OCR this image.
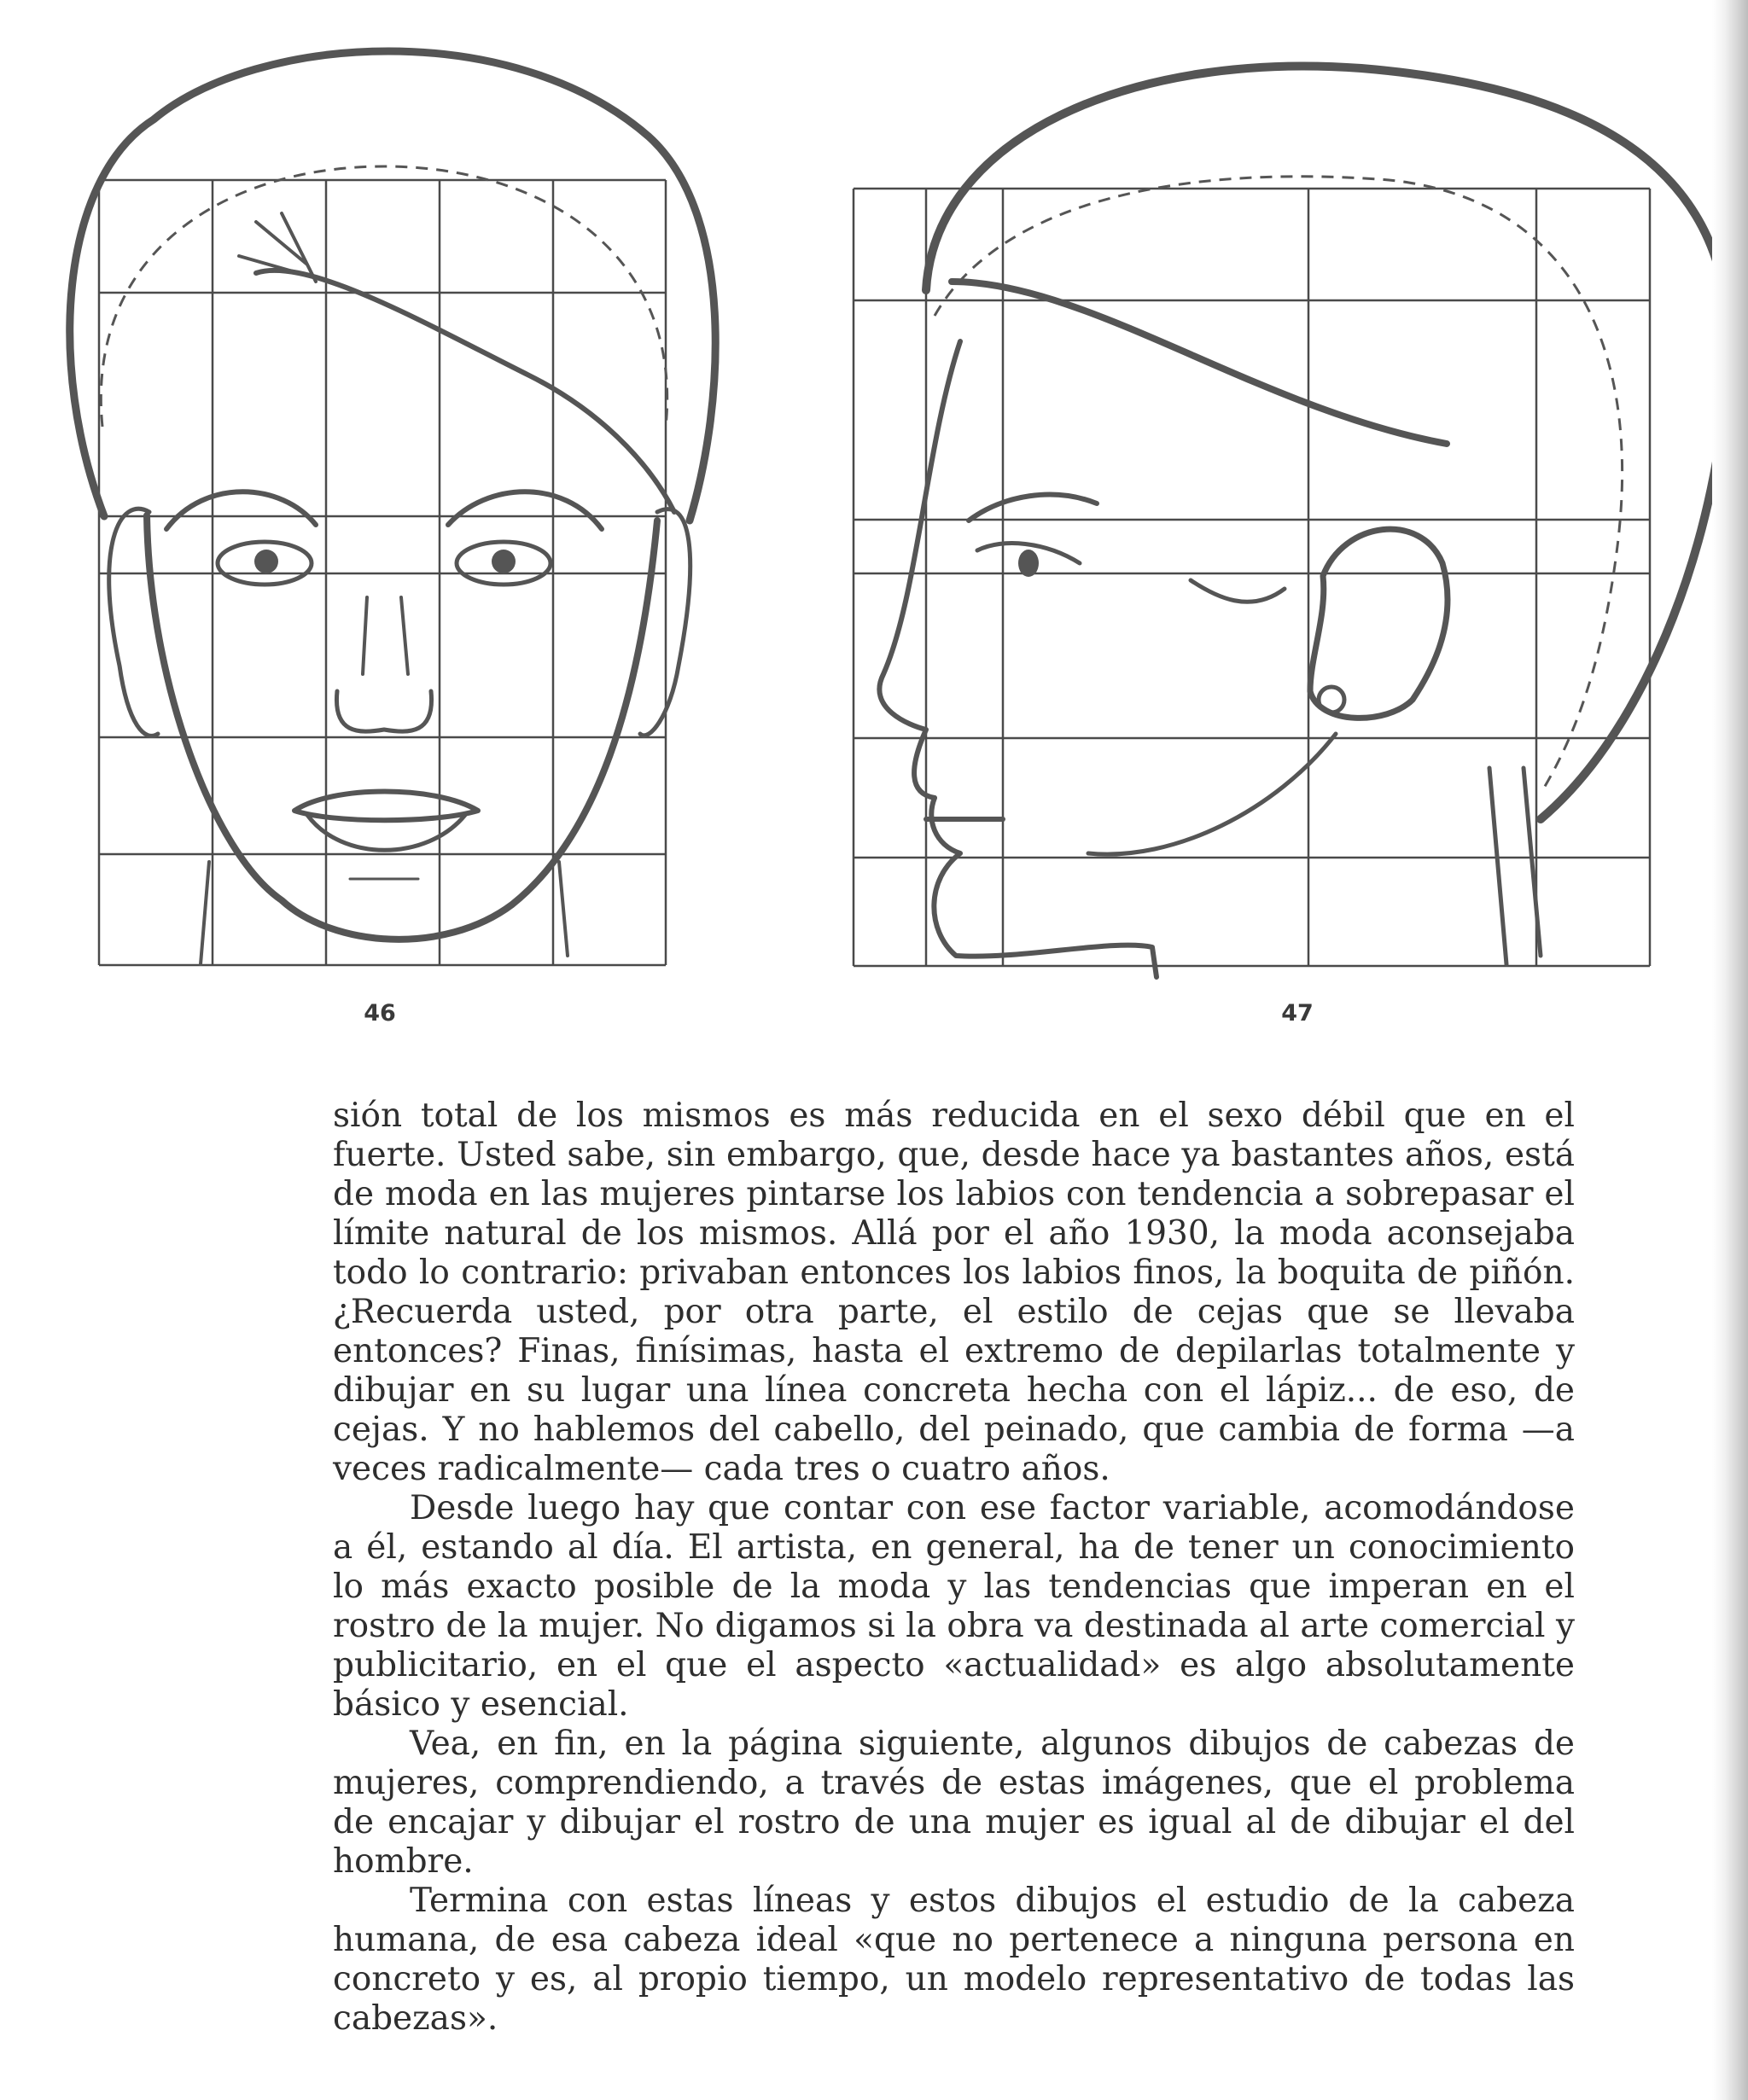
46	47

sión total de los mismos es más reducida en el sexo débil que en el fuerte. Usted sabe, sin embargo, que, desde hace ya bastantes años, está de moda en las mujeres pintarse los labios con tendencia a sobrepasar el límite natural de los mismos. Allá por el año 1930, la moda aconsejaba todo lo contrario: privaban entonces los labios finos, la boquita de piñón. ¿Recuerda usted, por otra parte, el estilo de cejas que se llevaba entonces? Finas, finísimas, hasta el extremo de depilarlas totalmente y dibujar en su lugar una línea concreta hecha con el lápiz... de eso, de cejas. Y no hablemos del cabello, del peinado, que cambia de forma —a veces radicalmente— cada tres o cuatro años.

Desde luego hay que contar con ese factor variable, acomodándose a él, estando al día. El artista, en general, ha de tener un conocimiento lo más exacto posible de la moda y las tendencias que imperan en el rostro de la mujer. No digamos si la obra va destinada al arte comercial y publicitario, en el que el aspecto «actualidad» es algo absolutamente básico y esencial.

Vea, en fin, en la página siguiente, algunos dibujos de cabezas de mujeres, comprendiendo, a través de estas imágenes, que el problema de encajar y dibujar el rostro de una mujer es igual al de dibujar el del hombre.

Termina con estas líneas y estos dibujos el estudio de la cabeza humana, de esa cabeza ideal «que no pertenece a ninguna persona en concreto y es, al propio tiempo, un modelo representativo de todas las cabezas».
